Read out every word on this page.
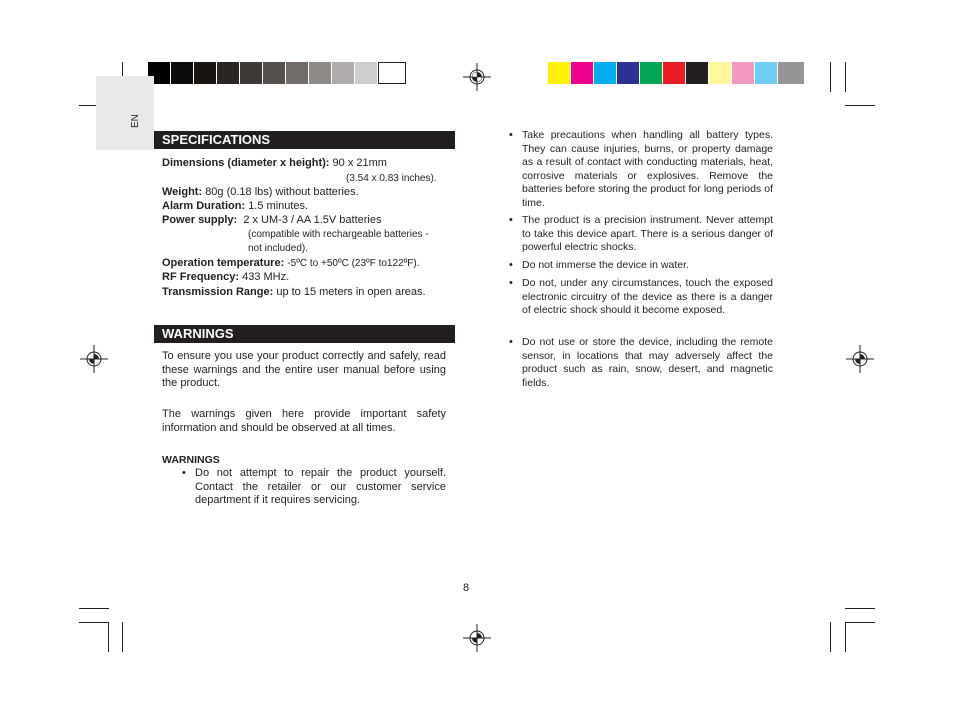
EN
SPECIFICATIONS
Dimensions (diameter x height): 90 x 21mm
(3.54 x 0.83 inches).
Weight: 80g (0.18 lbs) without batteries.
Alarm Duration: 1.5 minutes.
Power supply: 2 x UM-3 / AA 1.5V batteries
(compatible with rechargeable batteries -
not included).
Operation temperature: -5ºC to +50ºC (23ºF to122ºF).
RF Frequency: 433 MHz.
Transmission Range: up to 15 meters in open areas.
WARNINGS
To ensure you use your product correctly and safely, read these warnings and the entire user manual before using the product.
The warnings given here provide important safety information and should be observed at all times.
WARNINGS
• Do not attempt to repair the product yourself. Contact the retailer or our customer service department if it requires servicing.
• Take precautions when handling all battery types. They can cause injuries, burns, or property damage as a result of contact with conducting materials, heat, corrosive materials or explosives. Remove the batteries before storing the product for long periods of time.
• The product is a precision instrument. Never attempt to take this device apart. There is a serious danger of powerful electric shocks.
• Do not immerse the device in water.
• Do not, under any circumstances, touch the exposed electronic circuitry of the device as there is a danger of electric shock should it become exposed.
• Do not use or store the device, including the remote sensor, in locations that may adversely affect the product such as rain, snow, desert, and magnetic fields.
8
